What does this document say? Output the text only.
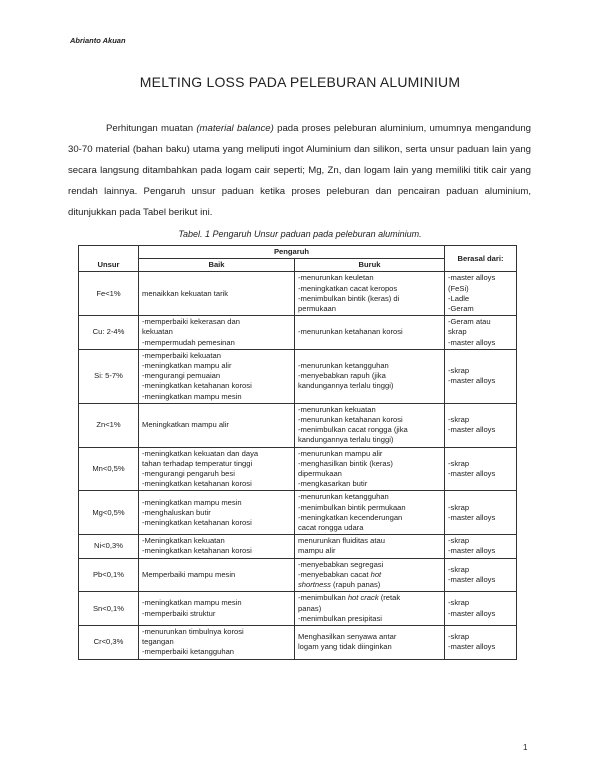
Abrianto Akuan
MELTING LOSS PADA PELEBURAN ALUMINIUM
Perhitungan muatan (material balance) pada proses peleburan aluminium, umumnya mengandung 30-70 material (bahan baku) utama yang meliputi ingot Aluminium dan silikon, serta unsur paduan lain yang secara langsung ditambahkan pada logam cair seperti; Mg, Zn, dan logam lain yang memiliki titik cair yang rendah lainnya. Pengaruh unsur paduan ketika proses peleburan dan pencairan paduan aluminium, ditunjukkan pada Tabel berikut ini.
Tabel. 1 Pengaruh Unsur paduan pada peleburan aluminium.
Unsur	Pengaruh		Berasal dari:
	Baik	Buruk	
Fe<1%	menaikkan kekuatan tarik	-menurunkan keuletan
-meningkatkan cacat keropos
-menimbulkan bintik (keras) di
permukaan	-master alloys
(FeSi)
-Ladle
-Geram

Cu: 2-4%	-memperbaiki kekerasan dan
kekuatan
-mempermudah pemesinan	-menurunkan ketahanan korosi	-Geram atau
skrap
-master alloys

Si: 5-7%	-memperbaiki kekuatan
-meningkatkan mampu alir
-mengurangi pemuaian
-meningkatkan ketahanan korosi
-meningkatkan mampu mesin	-menurunkan ketangguhan
-menyebabkan rapuh (jika
kandungannya terlalu tinggi)	-skrap
-master alloys

Zn<1%	Meningkatkan mampu alir	-menurunkan kekuatan
-menurunkan ketahanan korosi
-menimbulkan cacat rongga (jika
kandungannya terlalu tinggi)	-skrap
-master alloys

Mn<0,5%	-meningkatkan kekuatan dan daya
tahan terhadap temperatur tinggi
-mengurangi pengaruh besi
-meningkatkan ketahanan korosi	-menurunkan mampu alir
-menghasilkan bintik (keras)
dipermukaan
-mengkasarkan butir	-skrap
-master alloys

Mg<0,5%	-meningkatkan mampu mesin
-menghaluskan butir
-meningkatkan ketahanan korosi	-menurunkan ketangguhan
-menimbulkan bintik permukaan
-meningkatkan kecenderungan
cacat rongga udara	-skrap
-master alloys

Ni<0,3%	-Meningkatkan kekuatan
-meningkatkan ketahanan korosi	menurunkan fluiditas atau
mampu alir	-skrap
-master alloys

Pb<0,1%	Memperbaiki mampu mesin	-menyebabkan segregasi
-menyebabkan cacat hot
shortness (rapuh panas)	-skrap
-master alloys

Sn<0,1%	-meningkatkan mampu mesin
-memperbaiki struktur	-menimbulkan hot crack (retak
panas)
-menimbulkan presipitasi	-skrap
-master alloys

Cr<0,3%	-menurunkan timbulnya korosi
tegangan
-memperbaiki ketangguhan	Menghasilkan senyawa antar
logam yang tidak diinginkan	-skrap
-master alloys
1
